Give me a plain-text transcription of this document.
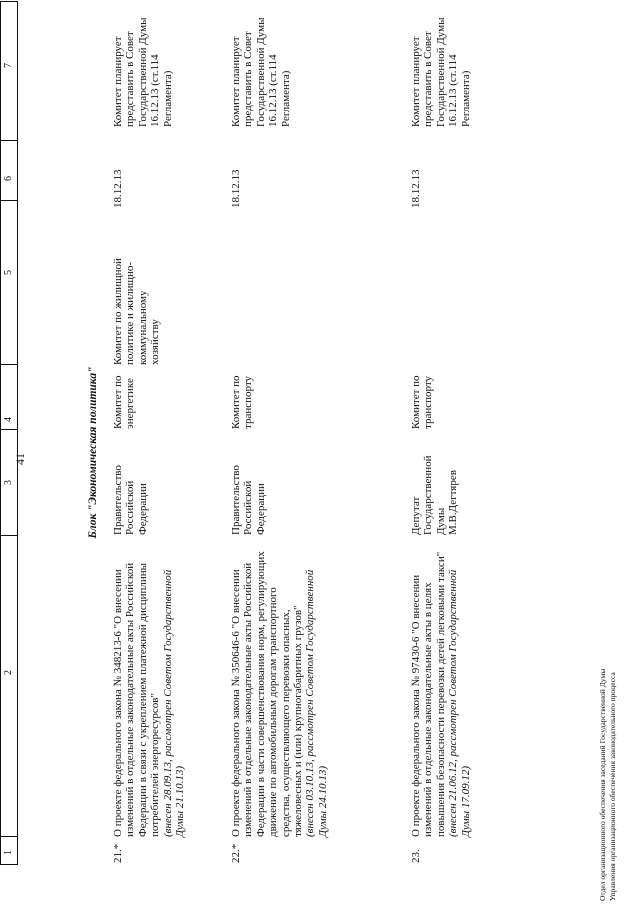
41
1
2
3
4
5
6
7
Блок "Экономическая политика"
21.*
О проекте федерального закона № 348213-6 "О внесении изменений в отдельные законодательные акты Российской Федерации в связи с укреплением платежной дисциплины потребителей энергоресурсов"
(внесен 28.09.13, рассмотрен Советом Государственной Думы 21.10.13)
Правительство Российской Федерации
Комитет по энергетике
Комитет по жилищной политике и жилищно-коммунальному хозяйству
18.12.13
Комитет планирует представить в Совет Государственной Думы 16.12.13 (ст.114 Регламента)
22.*
О проекте федерального закона № 350646-6 "О внесении изменений в отдельные законодательные акты Российской Федерации в части совершенствования норм, регулирующих движение по автомобильным дорогам транспортного средства, осуществляющего перевозки опасных, тяжеловесных и (или) крупногабаритных грузов"
(внесен 03.10.13, рассмотрен Советом Государственной Думы 24.10.13)
Правительство Российской Федерации
Комитет по транспорту
18.12.13
Комитет планирует представить в Совет Государственной Думы 16.12.13 (ст.114 Регламента)
23.
О проекте федерального закона № 97430-6 "О внесении изменений в отдельные законодательные акты в целях повышения безопасности перевозки детей легковыми такси"
(внесен 21.06.12, рассмотрен Советом Государственной Думы 17.09.12)
Депутат Государственной Думы М.В.Дегтярев
Комитет по транспорту
18.12.13
Комитет планирует представить в Совет Государственной Думы 16.12.13 (ст.114 Регламента)
Отдел организационного обеспечения заседаний Государственной Думы Управления организационного обеспечения законодательного процесса
